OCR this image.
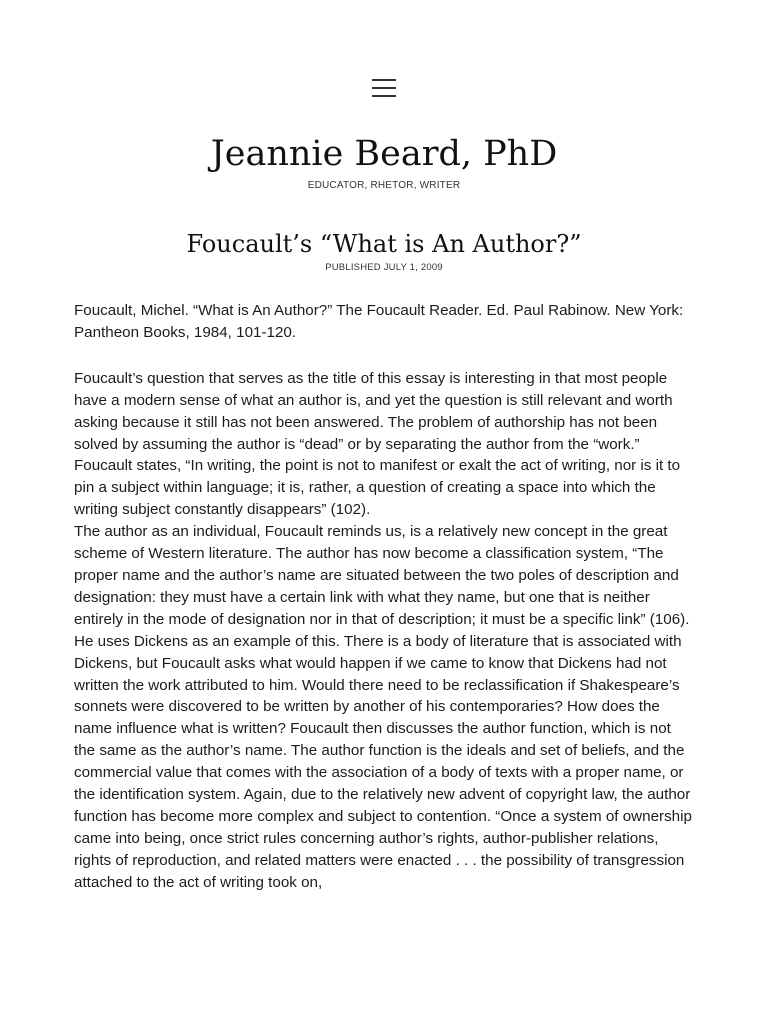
Jeannie Beard, PhD
EDUCATOR, RHETOR, WRITER
Foucault’s “What is An Author?”
PUBLISHED JULY 1, 2009

Foucault, Michel. “What is An Author?” The Foucault Reader. Ed. Paul Rabinow. New York: Pantheon Books, 1984, 101-120.

Foucault’s question that serves as the title of this essay is interesting in that most people have a modern sense of what an author is, and yet the question is still relevant and worth asking because it still has not been answered. The problem of authorship has not been solved by assuming the author is “dead” or by separating the author from the “work.” Foucault states, “In writing, the point is not to manifest or exalt the act of writing, nor is it to pin a subject within language; it is, rather, a question of creating a space into which the writing subject constantly disappears” (102).

The author as an individual, Foucault reminds us, is a relatively new concept in the great scheme of Western literature. The author has now become a classification system, “The proper name and the author’s name are situated between the two poles of description and designation: they must have a certain link with what they name, but one that is neither entirely in the mode of designation nor in that of description; it must be a specific link” (106).

He uses Dickens as an example of this. There is a body of literature that is associated with Dickens, but Foucault asks what would happen if we came to know that Dickens had not written the work attributed to him. Would there need to be reclassification if Shakespeare’s sonnets were discovered to be written by another of his contemporaries? How does the name influence what is written? Foucault then discusses the author function, which is not the same as the author’s name. The author function is the ideals and set of beliefs, and the commercial value that comes with the association of a body of texts with a proper name, or the identification system. Again, due to the relatively new advent of copyright law, the author function has become more complex and subject to contention. “Once a system of ownership came into being, once strict rules concerning author’s rights, author-publisher relations, rights of reproduction, and related matters were enacted . . . the possibility of transgression attached to the act of writing took on,
